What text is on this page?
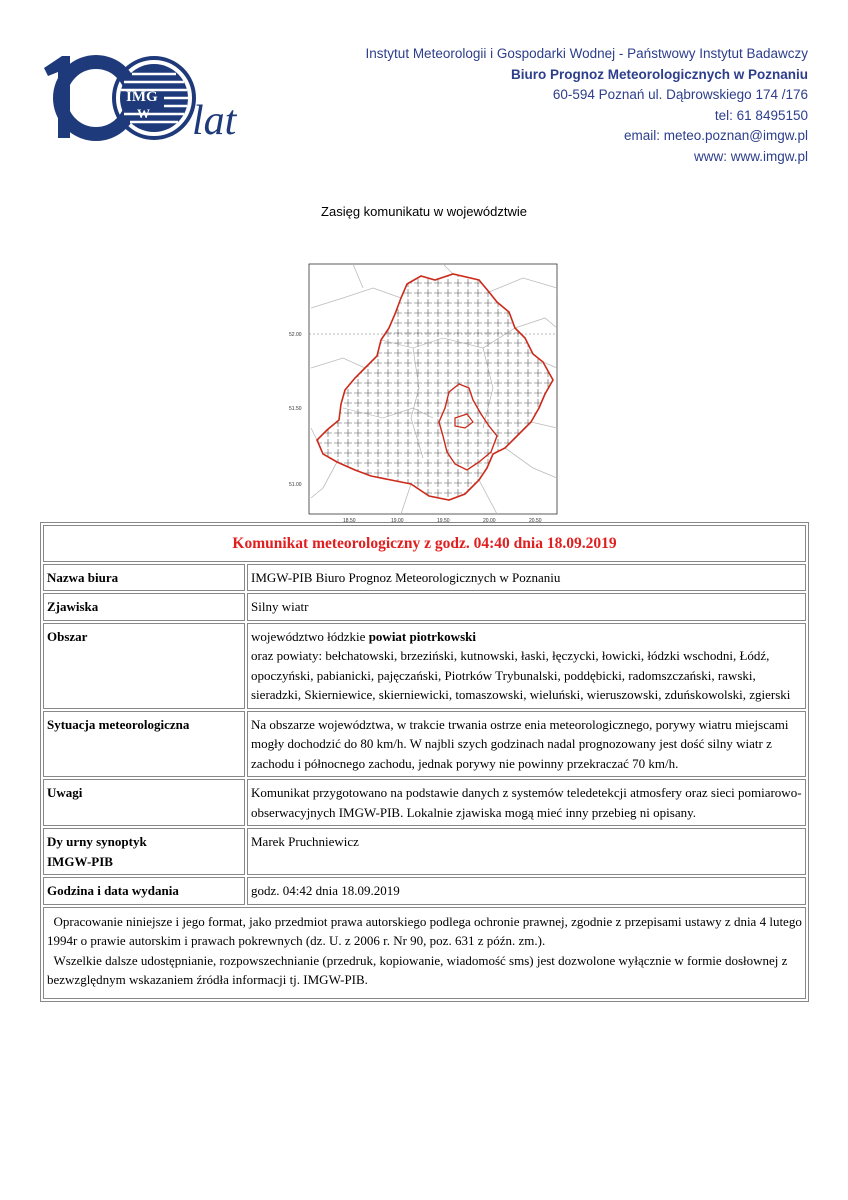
IMG
W lat
Instytut Meteorologii i Gospodarki Wodnej - Państwowy Instytut Badawczy
Biuro Prognoz Meteorologicznych w Poznaniu
60-594 Poznań ul. Dąbrowskiego 174 /176
tel: 61 8495150
email: meteo.poznan@imgw.pl
www: www.imgw.pl
Zasięg komunikatu w województwie
52.00
51.50
51.00
18.50	19.00	19.50	20.00	20.50
Komunikat meteorologiczny z godz. 04:40 dnia 18.09.2019	
Nazwa biura	IMGW-PIB Biuro Prognoz Meteorologicznych w Poznaniu
Zjawiska	Silny wiatr
Obszar	województwo łódzkie powiat piotrkowski
oraz powiaty: bełchatowski, brzeziński, kutnowski, łaski, łęczycki, łowicki, łódzki wschodni, Łódź, opoczyński, pabianicki, pajęczański, Piotrków Trybunalski, poddębicki, radomszczański, rawski, sieradzki, Skierniewice, skierniewicki, tomaszowski, wieluński, wieruszowski, zduńskowolski, zgierski
Sytuacja meteorologiczna	Na obszarze województwa, w trakcie trwania ostrze enia meteorologicznego, porywy wiatru miejscami mogły dochodzić do 80 km/h. W najbli szych godzinach nadal prognozowany jest dość silny wiatr z zachodu i północnego zachodu, jednak porywy nie powinny przekraczać 70 km/h.
Uwagi	Komunikat przygotowano na podstawie danych z systemów teledetekcji atmosfery oraz sieci pomiarowo-obserwacyjnych IMGW-PIB. Lokalnie zjawiska mogą mieć inny przebieg ni opisany.
Dy urny synoptyk
IMGW-PIB	Marek Pruchniewicz
Godzina i data wydania	godz. 04:42 dnia 18.09.2019

Opracowanie niniejsze i jego format, jako przedmiot prawa autorskiego podlega ochronie prawnej, zgodnie z przepisami ustawy z dnia 4 lutego 1994r o prawie autorskim i prawach pokrewnych (dz. U. z 2006 r. Nr 90, poz. 631 z późn. zm.).
Wszelkie dalsze udostępnianie, rozpowszechnianie (przedruk, kopiowanie, wiadomość sms) jest dozwolone wyłącznie w formie dosłownej z bezwzględnym wskazaniem źródła informacji tj. IMGW-PIB.	
